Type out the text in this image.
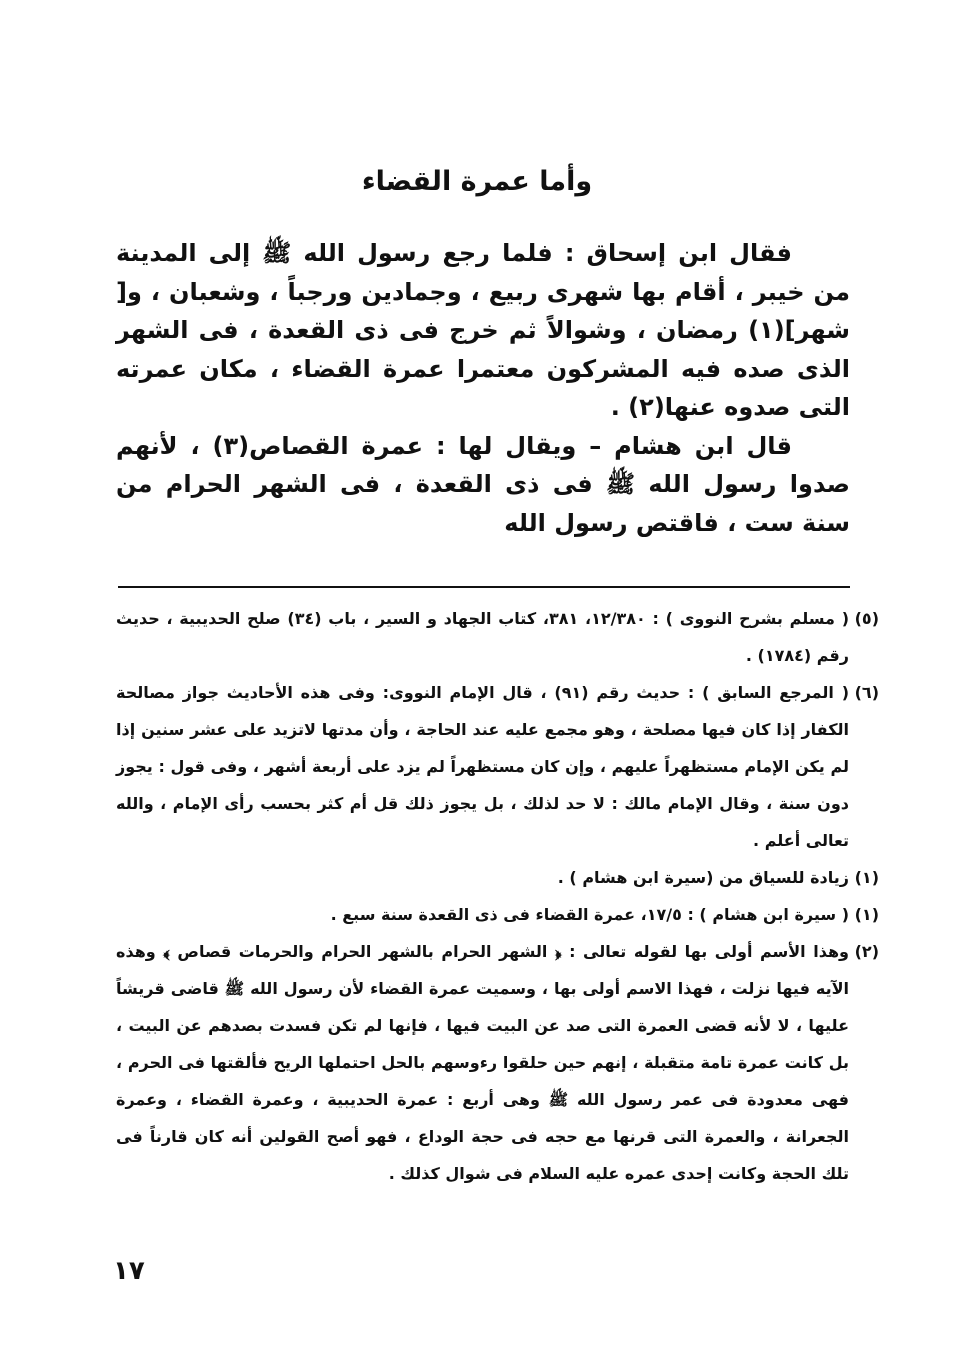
وأما عمرة القضاء

فقال ابن إسحاق : فلما رجع رسول الله ﷺ إلى المدينة من خيبر ، أقام بها شهرى ربيع ، وجمادين ورجباً ، وشعبان ، و[ شهر](١) رمضان ، وشوالاً ثم خرج فى ذى القعدة ، فى الشهر الذى صده فيه المشركون معتمرا عمرة القضاء ، مكان عمرته التى صدوه عنها(٢) .

قال ابن هشام – ويقال لها : عمرة القصاص(٣) ، لأنهم صدوا رسول الله ﷺ فى ذى القعدة ، فى الشهر الحرام من سنة ست ، فاقتص رسول الله

(٥)
( مسلم بشرح النووى ) : ١٢/٣٨٠، ٣٨١، كتاب الجهاد و السير ، باب (٣٤) صلح الحديبية ، حديث رقم (١٧٨٤) .

(٦)
( المرجع السابق ) : حديث رقم (٩١) ، قال الإمام النووى: وفى هذه الأحاديث جواز مصالحة الكفار إذا كان فيها مصلحة ، وهو مجمع عليه عند الحاجة ، وأن مدتها لاتزيد على عشر سنين إذا لم يكن الإمام مستظهراً عليهم ، وإن كان مستظهراً لم يزد على أربعة أشهر ، وفى قول : يجوز دون سنة ، وقال الإمام مالك : لا حد لذلك ، بل يجوز ذلك قل أم كثر بحسب رأى الإمام ، والله تعالى أعلم .

(١)
زيادة للسياق من (سيرة ابن هشام ) .

(١)
( سيرة ابن هشام ) : ١٧/٥، عمرة القضاء فى ذى القعدة سنة سبع .

(٢)
وهذا الأسم أولى بها لقوله تعالى : ﴿ الشهر الحرام بالشهر الحرام والحرمات قصاص ﴾ وهذه الآيه فيها نزلت ، فهذا الاسم أولى بها ، وسميت عمرة القضاء لأن رسول الله ﷺ قاضى قريشاً عليها ، لا لأنه قضى العمرة التى صد عن البيت فيها ، فإنها لم تكن فسدت بصدهم عن البيت ، بل كانت عمرة تامة متقبلة ، إنهم حين حلقوا رءوسهم بالحل احتملها الريح فألقتها فى الحرم ، فهى معدودة فى عمر رسول الله ﷺ وهى أربع : عمرة الحديبية ، وعمرة القضاء ، وعمرة الجعرانة ، والعمرة التى قرنها مع حجه فى حجة الوداع ، فهو أصح القولين أنه كان قارناً فى تلك الحجة وكانت إحدى عمره عليه السلام فى شوال كذلك .

١٧
